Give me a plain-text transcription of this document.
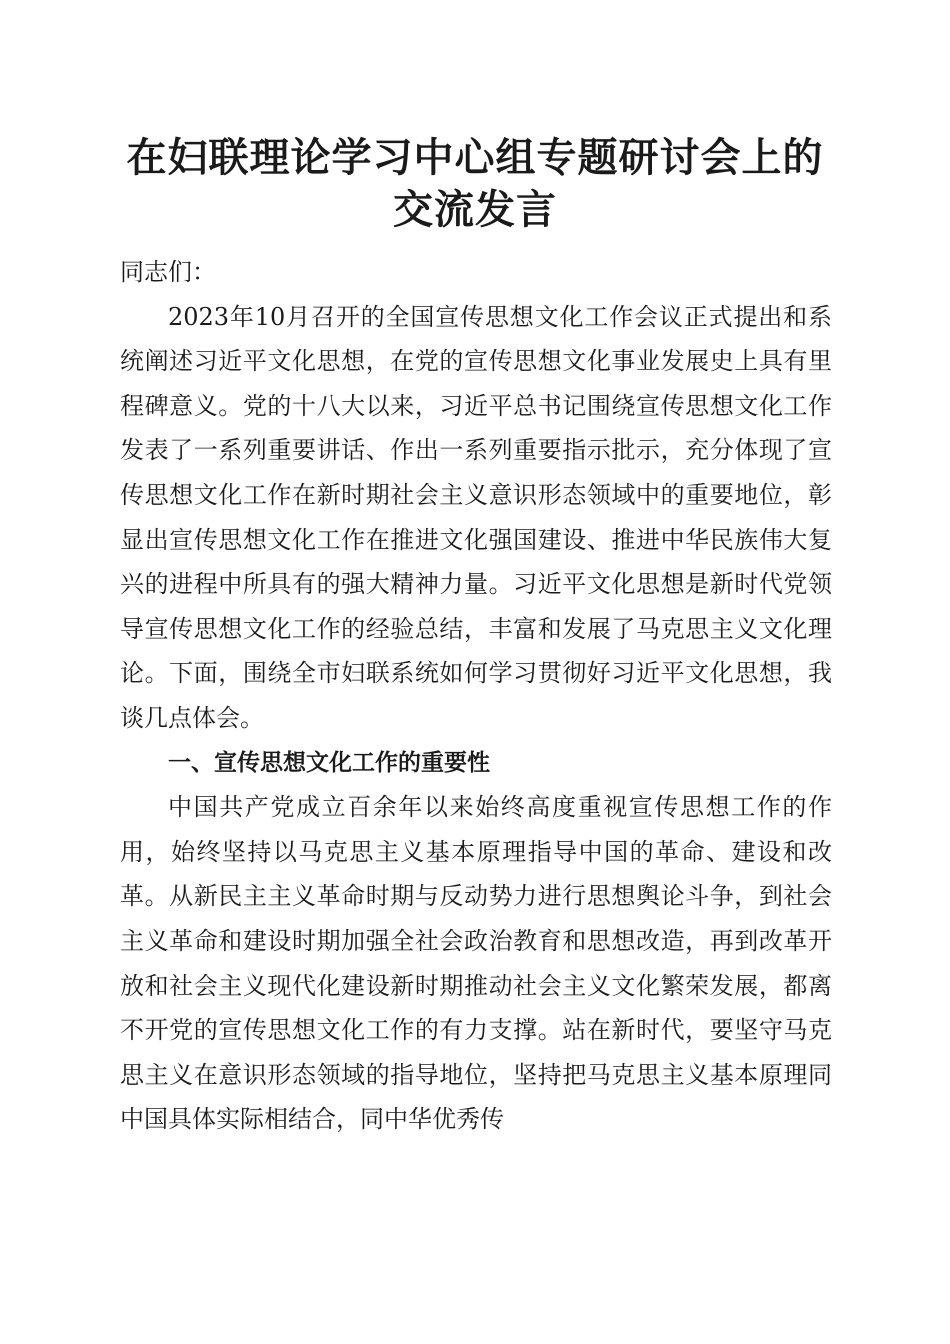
在妇联理论学习中心组专题研讨会上的交流发言

同志们：

2023年10月召开的全国宣传思想文化工作会议正式提出和系统阐述习近平文化思想，在党的宣传思想文化事业发展史上具有里程碑意义。党的十八大以来，习近平总书记围绕宣传思想文化工作发表了一系列重要讲话、作出一系列重要指示批示，充分体现了宣传思想文化工作在新时期社会主义意识形态领域中的重要地位，彰显出宣传思想文化工作在推进文化强国建设、推进中华民族伟大复兴的进程中所具有的强大精神力量。习近平文化思想是新时代党领导宣传思想文化工作的经验总结，丰富和发展了马克思主义文化理论。下面，围绕全市妇联系统如何学习贯彻好习近平文化思想，我谈几点体会。

一、宣传思想文化工作的重要性

中国共产党成立百余年以来始终高度重视宣传思想工作的作用，始终坚持以马克思主义基本原理指导中国的革命、建设和改革。从新民主主义革命时期与反动势力进行思想舆论斗争，到社会主义革命和建设时期加强全社会政治教育和思想改造，再到改革开放和社会主义现代化建设新时期推动社会主义文化繁荣发展，都离不开党的宣传思想文化工作的有力支撑。站在新时代，要坚守马克思主义在意识形态领域的指导地位，坚持把马克思主义基本原理同中国具体实际相结合，同中华优秀传
